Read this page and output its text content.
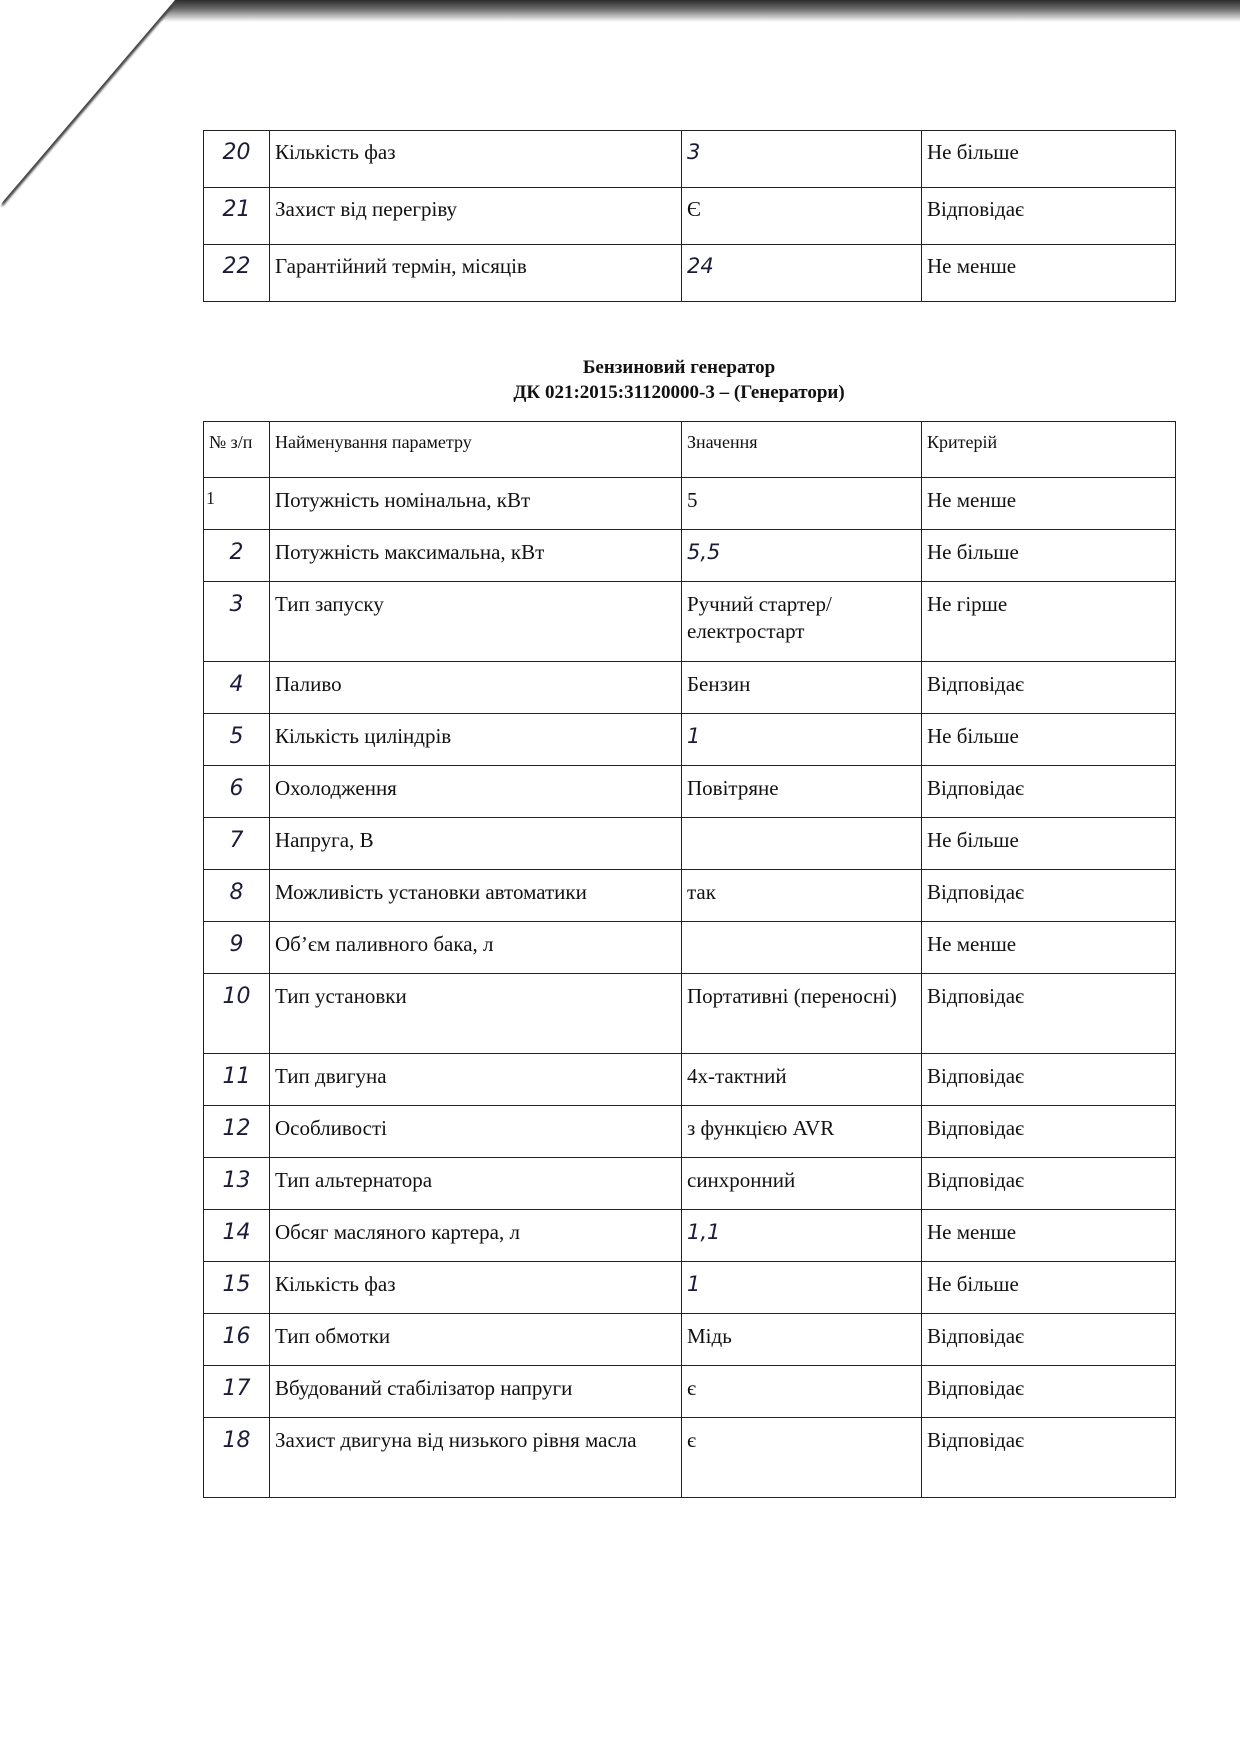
20	Кількість фаз	3	Не більше
21	Захист від перегріву	Є	Відповідає
22	Гарантійний термін, місяців	24	Не менше
Бензиновий генератор
ДК 021:2015:31120000-3 – (Генератори)
№ з/п	Найменування параметру	Значення	Критерій
1	Потужність номінальна, кВт	5	Не менше
2	Потужність максимальна, кВт	5,5	Не більше
3	Тип запуску	Ручний стартер/електростарт	Не гірше
4	Паливо	Бензин	Відповідає
5	Кількість циліндрів	1	Не більше
6	Охолодження	Повітряне	Відповідає
7	Напруга, В		Не більше
8	Можливість установки автоматики	так	Відповідає
9	Об’єм паливного бака, л		Не менше
10	Тип установки	Портативні (переносні)	Відповідає
11	Тип двигуна	4х-тактний	Відповідає
12	Особливості	з функцією AVR	Відповідає
13	Тип альтернатора	синхронний	Відповідає
14	Обсяг масляного картера, л	1,1	Не менше
15	Кількість фаз	1	Не більше
16	Тип обмотки	Мідь	Відповідає
17	Вбудований стабілізатор напруги	є	Відповідає
18	Захист двигуна від низького рівня масла	є	Відповідає
